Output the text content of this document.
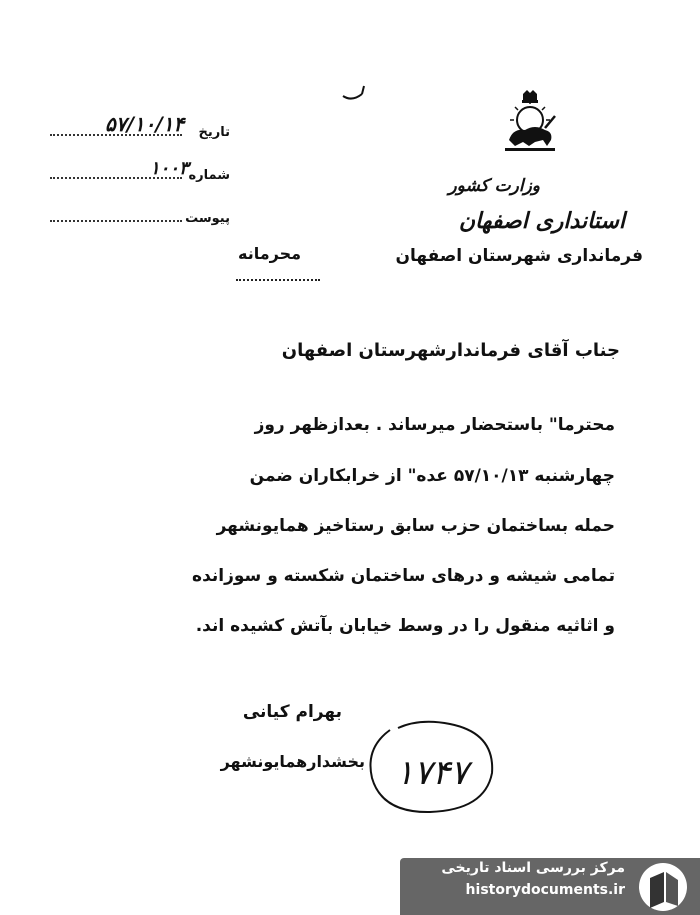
تاریخ
۵۷/۱۰/۱۴
شماره
۱۰۰۳
پیوست
وزارت کشور
استانداری اصفهان
فرمانداری شهرستان اصفهان
محرمانه
جناب آقای فرماندارشهرستان اصفهان
محترما" باستحضار میرساند . بعدازظهر روز
چهارشنبه ۵۷/۱۰/۱۳ عده" از خرابکاران ضمن
حمله بساختمان حزب سابق رستاخیز همایونشهر
تمامی شیشه و درهای ساختمان شکسته و سوزانده
و اثاثیه منقول را در وسط خیابان بآتش کشیده اند.
بهرام کیانی
بخشدارهمایونشهر ۱۷۴۷
مرکز بررسی اسناد تاریخی
historydocuments.ir
